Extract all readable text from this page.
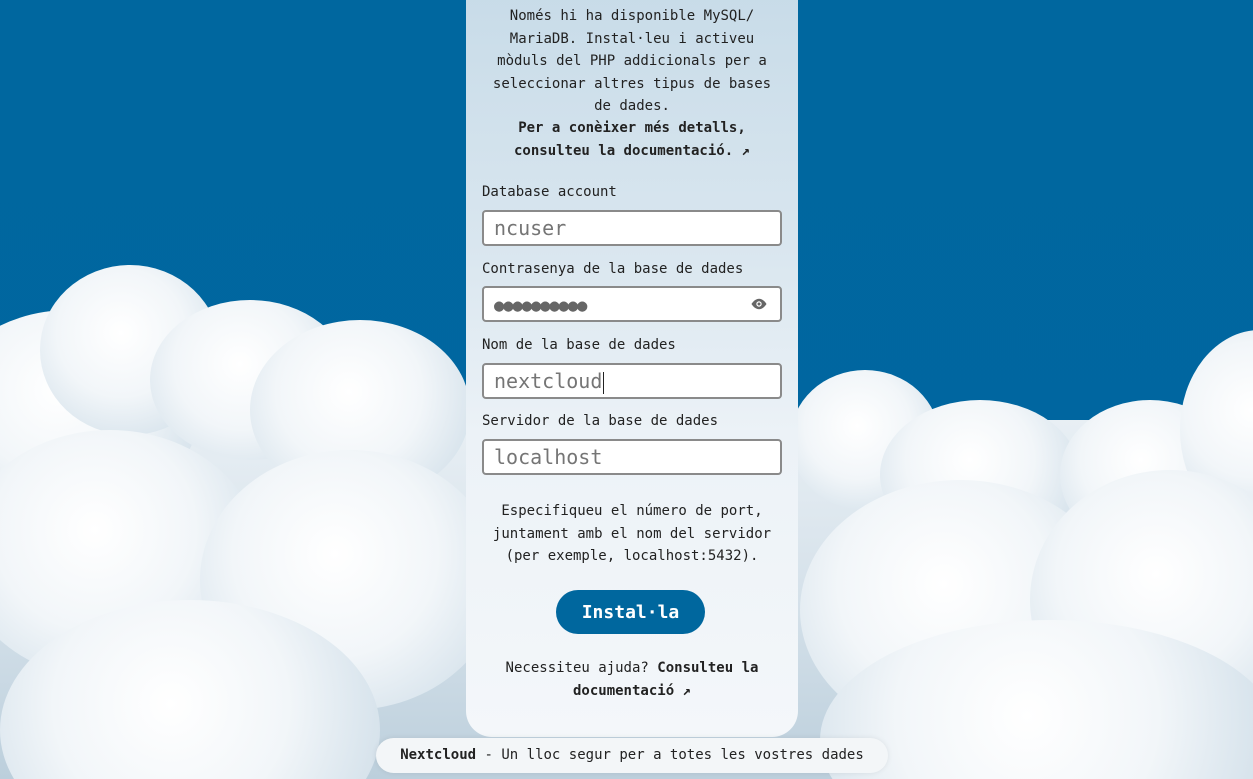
Només hi ha disponible MySQL/
MariaDB. Instal·leu i activeu
mòduls del PHP addicionals per a
seleccionar altres tipus de bases
de dades.
Per a conèixer més detalls,
consulteu la documentació. ↗
Database account
ncuser
Contrasenya de la base de dades
●●●●●●●●●●
Nom de la base de dades
nextcloud
Servidor de la base de dades
localhost
Especifiqueu el número de port,
juntament amb el nom del servidor
(per exemple, localhost:5432).
Instal·la
Necessiteu ajuda? Consulteu la
documentació ↗
Nextcloud - Un lloc segur per a totes les vostres dades
